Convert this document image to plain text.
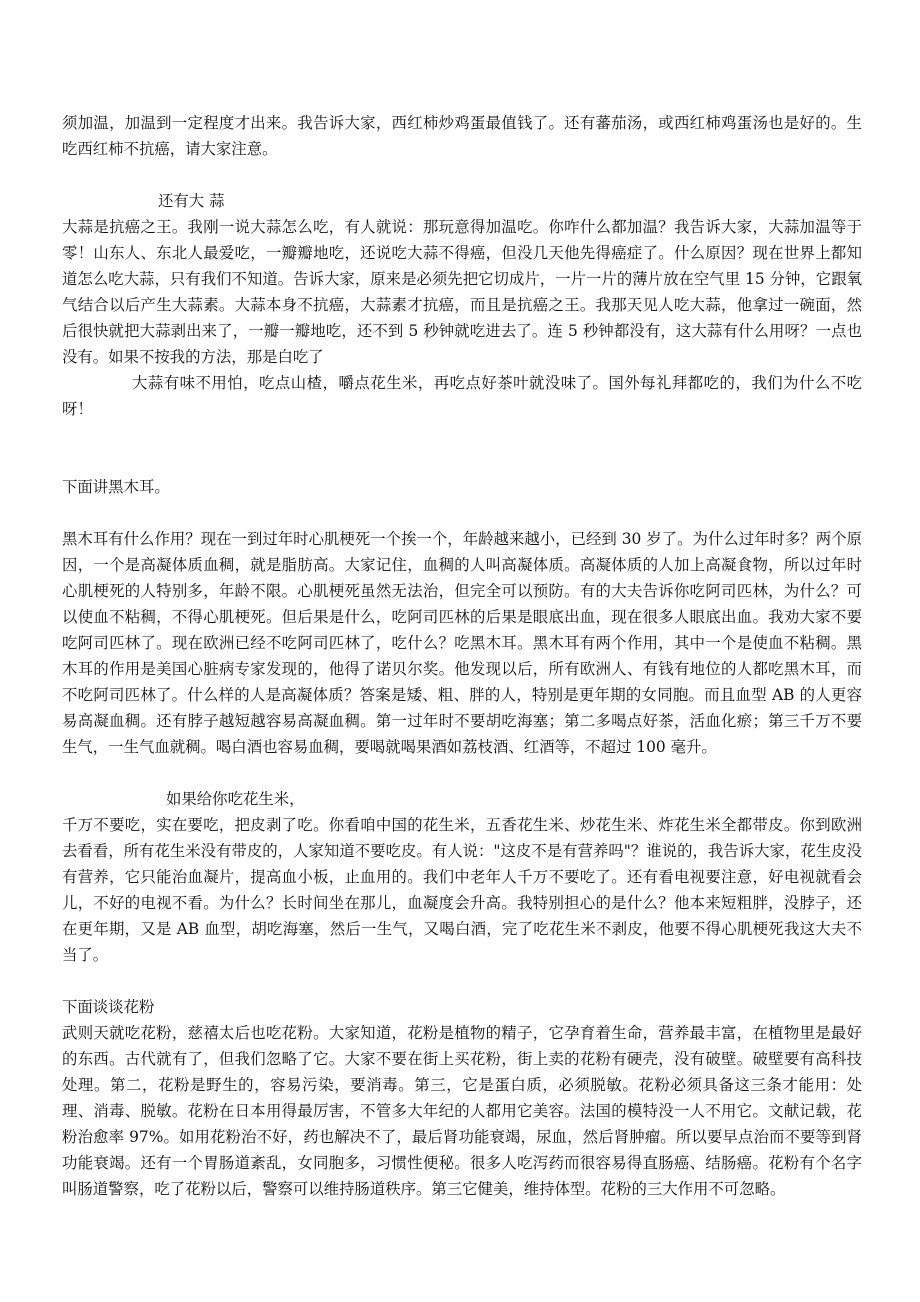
须加温，加温到一定程度才出来。我告诉大家，西红柿炒鸡蛋最值钱了。还有蕃茄汤，或西红柿鸡蛋汤也是好的。生吃西红柿不抗癌，请大家注意。

还有大 蒜

大蒜是抗癌之王。我刚一说大蒜怎么吃，有人就说：那玩意得加温吃。你咋什么都加温？我告诉大家，大蒜加温等于零！山东人、东北人最爱吃，一瓣瓣地吃，还说吃大蒜不得癌，但没几天他先得癌症了。什么原因？现在世界上都知道怎么吃大蒜，只有我们不知道。告诉大家，原来是必须先把它切成片，一片一片的薄片放在空气里 15 分钟，它跟氧气结合以后产生大蒜素。大蒜本身不抗癌，大蒜素才抗癌，而且是抗癌之王。我那天见人吃大蒜，他拿过一碗面，然后很快就把大蒜剥出来了，一瓣一瓣地吃，还不到 5 秒钟就吃进去了。连 5 秒钟都没有，这大蒜有什么用呀？一点也没有。如果不按我的方法，那是白吃了

大蒜有味不用怕，吃点山楂，嚼点花生米，再吃点好茶叶就没味了。国外每礼拜都吃的，我们为什么不吃呀！

下面讲黑木耳。

黑木耳有什么作用？现在一到过年时心肌梗死一个挨一个，年龄越来越小，已经到 30 岁了。为什么过年时多？两个原因，一个是高凝体质血稠，就是脂肪高。大家记住，血稠的人叫高凝体质。高凝体质的人加上高凝食物，所以过年时心肌梗死的人特别多，年龄不限。心肌梗死虽然无法治，但完全可以预防。有的大夫告诉你吃阿司匹林，为什么？可以使血不粘稠，不得心肌梗死。但后果是什么，吃阿司匹林的后果是眼底出血，现在很多人眼底出血。我劝大家不要吃阿司匹林了。现在欧洲已经不吃阿司匹林了，吃什么？吃黑木耳。黑木耳有两个作用，其中一个是使血不粘稠。黑木耳的作用是美国心脏病专家发现的，他得了诺贝尔奖。他发现以后，所有欧洲人、有钱有地位的人都吃黑木耳，而不吃阿司匹林了。什么样的人是高凝体质？答案是矮、粗、胖的人，特别是更年期的女同胞。而且血型 AB 的人更容易高凝血稠。还有脖子越短越容易高凝血稠。第一过年时不要胡吃海塞；第二多喝点好茶，活血化瘀；第三千万不要生气，一生气血就稠。喝白酒也容易血稠，要喝就喝果酒如荔枝酒、红酒等，不超过 100 毫升。

如果给你吃花生米，

千万不要吃，实在要吃，把皮剥了吃。你看咱中国的花生米，五香花生米、炒花生米、炸花生米全都带皮。你到欧洲去看看，所有花生米没有带皮的，人家知道不要吃皮。有人说："这皮不是有营养吗"？谁说的，我告诉大家，花生皮没有营养，它只能治血凝片，提高血小板，止血用的。我们中老年人千万不要吃了。还有看电视要注意，好电视就看会儿，不好的电视不看。为什么？长时间坐在那儿，血凝度会升高。我特别担心的是什么？他本来短粗胖，没脖子，还在更年期，又是 AB 血型，胡吃海塞，然后一生气，又喝白酒，完了吃花生米不剥皮，他要不得心肌梗死我这大夫不当了。

下面谈谈花粉

武则天就吃花粉，慈禧太后也吃花粉。大家知道，花粉是植物的精子，它孕育着生命，营养最丰富，在植物里是最好的东西。古代就有了，但我们忽略了它。大家不要在街上买花粉，街上卖的花粉有硬壳，没有破壁。破壁要有高科技处理。第二，花粉是野生的，容易污染，要消毒。第三，它是蛋白质，必须脱敏。花粉必须具备这三条才能用：处理、消毒、脱敏。花粉在日本用得最厉害，不管多大年纪的人都用它美容。法国的模特没一人不用它。文献记载，花粉治愈率 97%。如用花粉治不好，药也解决不了，最后肾功能衰竭，尿血，然后肾肿瘤。所以要早点治而不要等到肾功能衰竭。还有一个胃肠道紊乱，女同胞多，习惯性便秘。很多人吃泻药而很容易得直肠癌、结肠癌。花粉有个名字叫肠道警察，吃了花粉以后，警察可以维持肠道秩序。第三它健美，维持体型。花粉的三大作用不可忽略。
